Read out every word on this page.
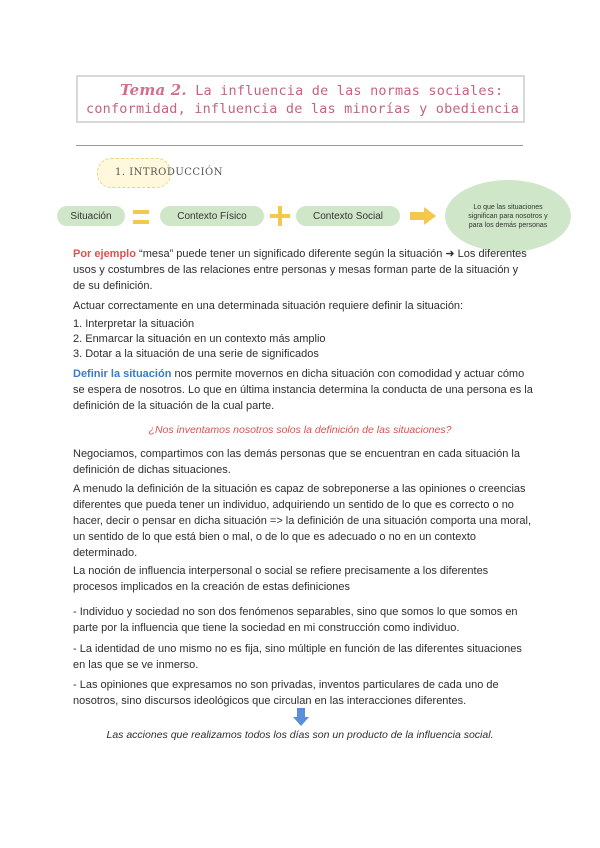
Tema 2. La influencia de las normas sociales:
conformidad, influencia de las minorías y obediencia
1. INTRODUCCIÓN
Situación	Contexto Físico	Contexto Social
Lo que las situaciones significan para nosotros y para los demás personas
Por ejemplo “mesa” puede tener un significado diferente según la situación ➜ Los diferentes usos y costumbres de las relaciones entre personas y mesas forman parte de la situación y de su definición.
Actuar correctamente en una determinada situación requiere definir la situación:
1. Interpretar la situación
2. Enmarcar la situación en un contexto más amplio
3. Dotar a la situación de una serie de significados
Definir la situación nos permite movernos en dicha situación con comodidad y actuar cómo se espera de nosotros. Lo que en última instancia determina la conducta de una persona es la definición de la situación de la cual parte.
¿Nos inventamos nosotros solos la definición de las situaciones?
Negociamos, compartimos con las demás personas que se encuentran en cada situación la definición de dichas situaciones.
A menudo la definición de la situación es capaz de sobreponerse a las opiniones o creencias diferentes que pueda tener un individuo, adquiriendo un sentido de lo que es correcto o no hacer, decir o pensar en dicha situación => la definición de una situación comporta una moral, un sentido de lo que está bien o mal, o de lo que es adecuado o no en un contexto determinado.
La noción de influencia interpersonal o social se refiere precisamente a los diferentes procesos implicados en la creación de estas definiciones
- Individuo y sociedad no son dos fenómenos separables, sino que somos lo que somos en parte por la influencia que tiene la sociedad en mi construcción como individuo.
- La identidad de uno mismo no es fija, sino múltiple en función de las diferentes situaciones en las que se ve inmerso.
- Las opiniones que expresamos no son privadas, inventos particulares de cada uno de nosotros, sino discursos ideológicos que circulan en las interacciones diferentes.
Las acciones que realizamos todos los días son un producto de la influencia social.
